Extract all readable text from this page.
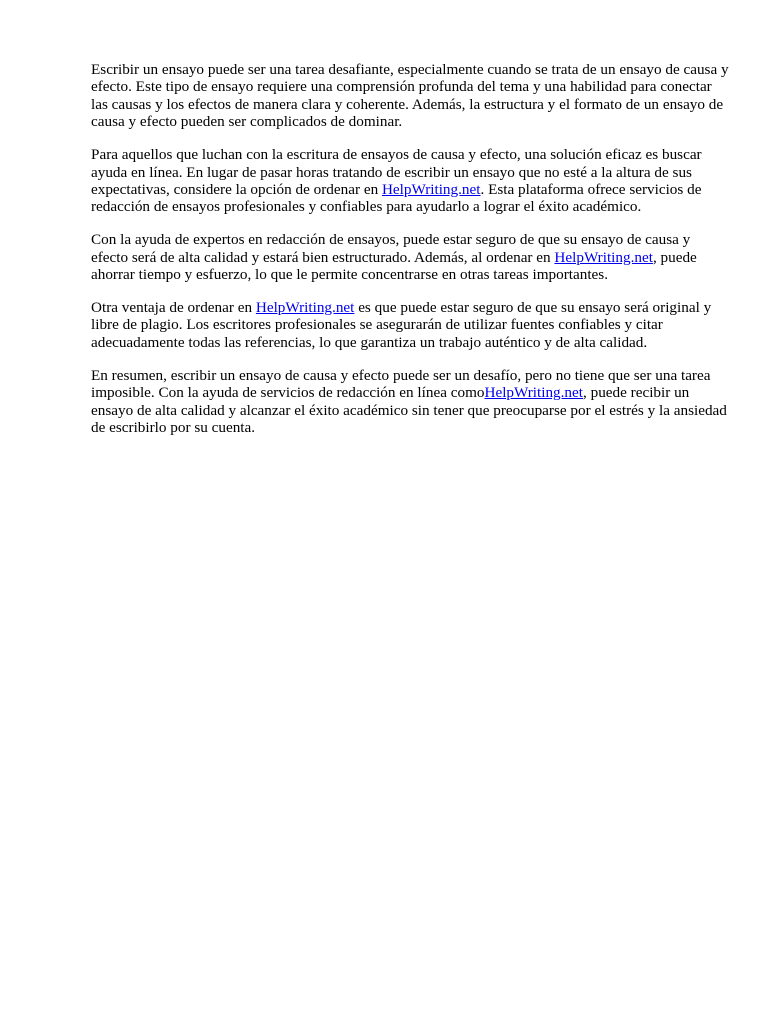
Escribir un ensayo puede ser una tarea desafiante, especialmente cuando se trata de un ensayo de causa y efecto. Este tipo de ensayo requiere una comprensión profunda del tema y una habilidad para conectar las causas y los efectos de manera clara y coherente. Además, la estructura y el formato de un ensayo de causa y efecto pueden ser complicados de dominar.

Para aquellos que luchan con la escritura de ensayos de causa y efecto, una solución eficaz es buscar ayuda en línea. En lugar de pasar horas tratando de escribir un ensayo que no esté a la altura de sus expectativas, considere la opción de ordenar en HelpWriting.net. Esta plataforma ofrece servicios de redacción de ensayos profesionales y confiables para ayudarlo a lograr el éxito académico.

Con la ayuda de expertos en redacción de ensayos, puede estar seguro de que su ensayo de causa y efecto será de alta calidad y estará bien estructurado. Además, al ordenar en HelpWriting.net, puede ahorrar tiempo y esfuerzo, lo que le permite concentrarse en otras tareas importantes.

Otra ventaja de ordenar en HelpWriting.net es que puede estar seguro de que su ensayo será original y libre de plagio. Los escritores profesionales se asegurarán de utilizar fuentes confiables y citar adecuadamente todas las referencias, lo que garantiza un trabajo auténtico y de alta calidad.

En resumen, escribir un ensayo de causa y efecto puede ser un desafío, pero no tiene que ser una tarea imposible. Con la ayuda de servicios de redacción en línea comoHelpWriting.net, puede recibir un ensayo de alta calidad y alcanzar el éxito académico sin tener que preocuparse por el estrés y la ansiedad de escribirlo por su cuenta.
